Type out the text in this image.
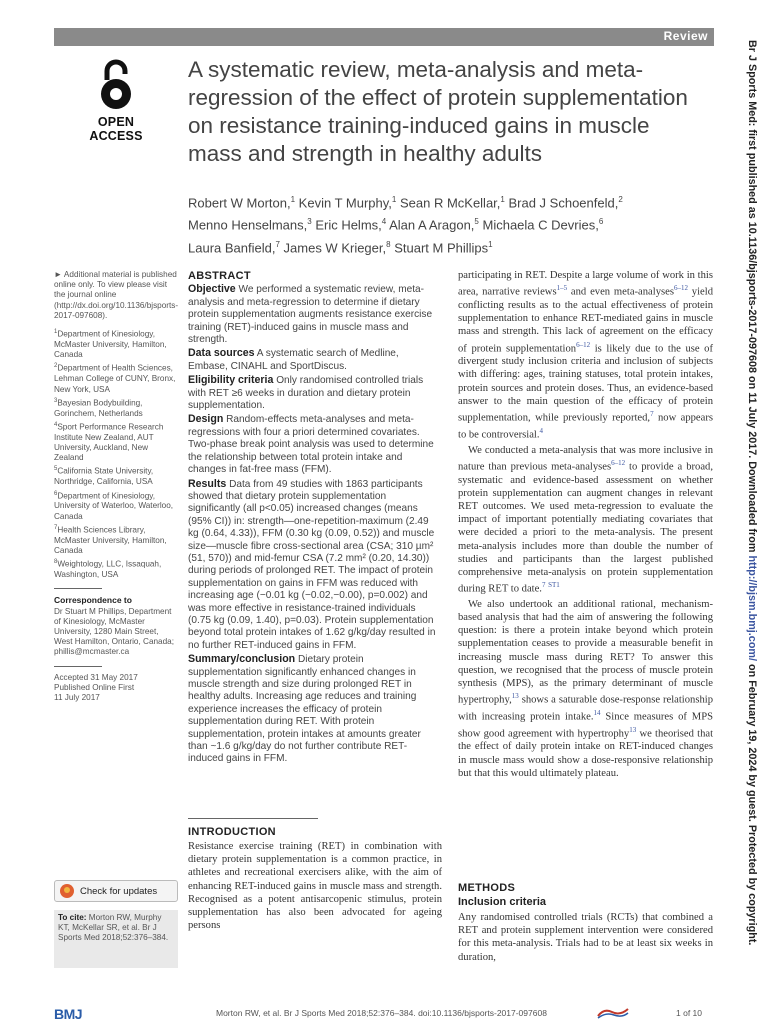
Review
OPEN ACCESS
A systematic review, meta-analysis and meta-regression of the effect of protein supplementation on resistance training-induced gains in muscle mass and strength in healthy adults
Robert W Morton,$^1$ Kevin T Murphy,$^1$ Sean R McKellar,$^1$ Brad J Schoenfeld,$^2$
Menno Henselmans,$^3$ Eric Helms,$^4$ Alan A Aragon,$^5$ Michaela C Devries,$^6$
Laura Banfield,$^7$ James W Krieger,$^8$ Stuart M Phillips$^1$

► Additional material is published online only. To view please visit the journal online (http://dx.doi.org/10.1136/bjsports-2017-097608).

$^1$Department of Kinesiology, McMaster University, Hamilton, Canada
$^2$Department of Health Sciences, Lehman College of CUNY, Bronx, New York, USA
$^3$Bayesian Bodybuilding, Gorinchem, Netherlands
$^4$Sport Performance Research Institute New Zealand, AUT University, Auckland, New Zealand
$^5$California State University, Northridge, California, USA
$^6$Department of Kinesiology, University of Waterloo, Waterloo, Canada
$^7$Health Sciences Library, McMaster University, Hamilton, Canada
$^8$Weightology, LLC, Issaquah, Washington, USA

Correspondence to
Dr Stuart M Phillips, Department of Kinesiology, McMaster University, 1280 Main Street, West Hamilton, Ontario, Canada; phillis@mcmaster.ca

Accepted 31 May 2017
Published Online First
11 July 2017

ABSTRACT

Objective We performed a systematic review, meta-analysis and meta-regression to determine if dietary protein supplementation augments resistance exercise training (RET)-induced gains in muscle mass and strength.

Data sources A systematic search of Medline, Embase, CINAHL and SportDiscus.

Eligibility criteria Only randomised controlled trials with RET ≥6 weeks in duration and dietary protein supplementation.

Design Random-effects meta-analyses and meta-regressions with four a priori determined covariates. Two-phase break point analysis was used to determine the relationship between total protein intake and changes in fat-free mass (FFM).

Results Data from 49 studies with 1863 participants showed that dietary protein supplementation significantly (all p<0.05) increased changes (means (95% CI)) in: strength—one-repetition-maximum (2.49 kg (0.64, 4.33)), FFM (0.30 kg (0.09, 0.52)) and muscle size—muscle fibre cross-sectional area (CSA; 310 µm² (51, 570)) and mid-femur CSA (7.2 mm² (0.20, 14.30)) during periods of prolonged RET. The impact of protein supplementation on gains in FFM was reduced with increasing age (−0.01 kg (−0.02,−0.00), p=0.002) and was more effective in resistance-trained individuals (0.75 kg (0.09, 1.40), p=0.03). Protein supplementation beyond total protein intakes of 1.62 g/kg/day resulted in no further RET-induced gains in FFM.

Summary/conclusion Dietary protein supplementation significantly enhanced changes in muscle strength and size during prolonged RET in healthy adults. Increasing age reduces and training experience increases the efficacy of protein supplementation during RET. With protein supplementation, protein intakes at amounts greater than ~1.6 g/kg/day do not further contribute RET-induced gains in FFM.

INTRODUCTION
Resistance exercise training (RET) in combination with dietary protein supplementation is a common practice, in athletes and recreational exercisers alike, with the aim of enhancing RET-induced gains in muscle mass and strength. Recognised as a potent antisarcopenic stimulus, protein supplementation has also been advocated for ageing persons

participating in RET. Despite a large volume of work in this area, narrative reviews$^{1-5}$ and even meta-analyses$^{6-12}$ yield conflicting results as to the actual effectiveness of protein supplementation to enhance RET-mediated gains in muscle mass and strength. This lack of agreement on the efficacy of protein supplementation$^{6-12}$ is likely due to the use of divergent study inclusion criteria and inclusion of subjects with differing: ages, training statuses, total protein intakes, protein sources and protein doses. Thus, an evidence-based answer to the main question of the efficacy of protein supplementation, while previously reported,$^7$ now appears to be controversial.$^4$

We conducted a meta-analysis that was more inclusive in nature than previous meta-analyses$^{6-12}$ to provide a broad, systematic and evidence-based assessment on whether protein supplementation can augment changes in relevant RET outcomes. We used meta-regression to evaluate the impact of important potentially mediating covariates that were decided a priori to the meta-analysis. The present meta-analysis includes more than double the number of studies and participants than the largest published comprehensive meta-analysis on protein supplementation during RET to date.$^7$ $^{ST1}$

We also undertook an additional rational, mechanism-based analysis that had the aim of answering the following question: is there a protein intake beyond which protein supplementation ceases to provide a measurable benefit in increasing muscle mass during RET? To answer this question, we recognised that the process of muscle protein synthesis (MPS), as the primary determinant of muscle hypertrophy,$^{13}$ shows a saturable dose-response relationship with increasing protein intake.$^{14}$ Since measures of MPS show good agreement with hypertrophy$^{13}$ we theorised that the effect of daily protein intake on RET-induced changes in muscle mass would show a dose-responsive relationship but that this would ultimately plateau.

METHODS
Inclusion criteria
Any randomised controlled trials (RCTs) that combined a RET and protein supplement intervention were considered for this meta-analysis. Trials had to be at least six weeks in duration,
Check for updates
To cite: Morton RW, Murphy KT, McKellar SR, et al. Br J Sports Med 2018;52:376–384.
Br J Sports Med: first published as 10.1136/bjsports-2017-097608 on 11 July 2017. Downloaded from http://bjsm.bmj.com/ on February 19, 2024 by guest. Protected by copyright.
BMJ	Morton RW, et al. Br J Sports Med 2018;52:376–384. doi:10.1136/bjsports-2017-097608	1 of 10
